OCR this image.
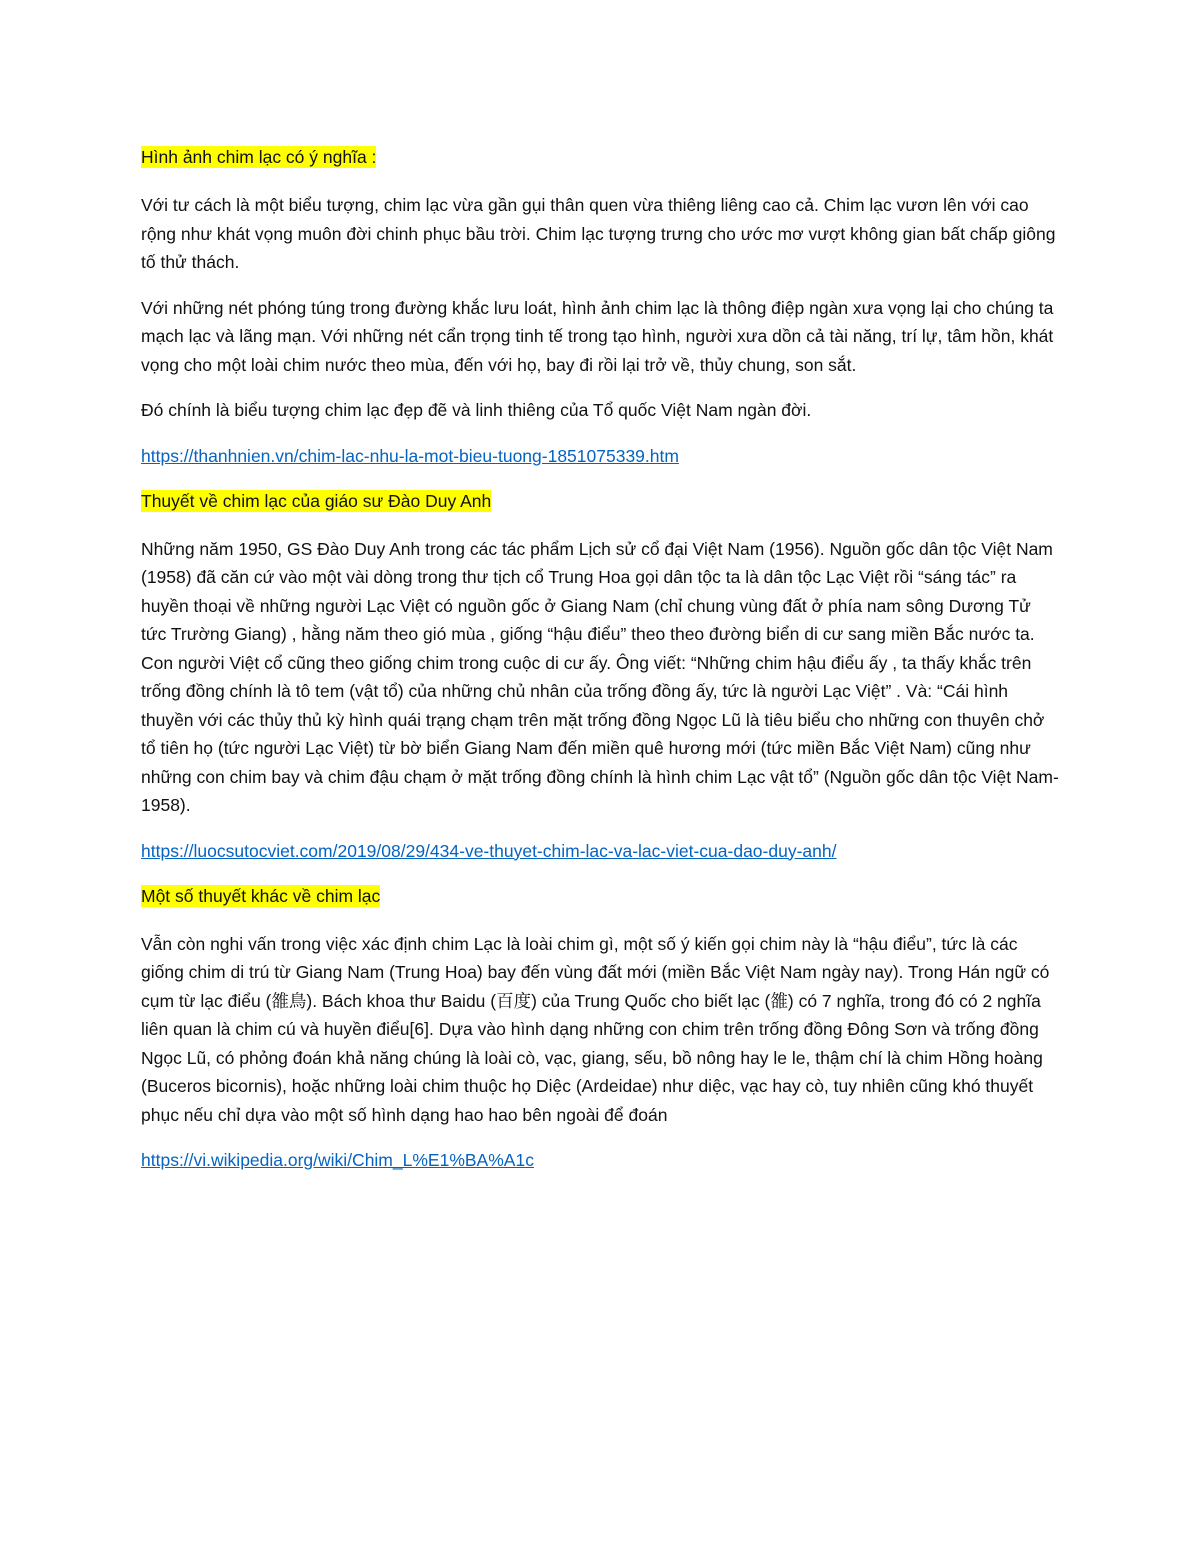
Hình ảnh chim lạc có ý nghĩa :

Với tư cách là một biểu tượng, chim lạc vừa gần gụi thân quen vừa thiêng liêng cao cả. Chim lạc vươn lên với cao rộng như khát vọng muôn đời chinh phục bầu trời. Chim lạc tượng trưng cho ước mơ vượt không gian bất chấp giông tố thử thách.

Với những nét phóng túng trong đường khắc lưu loát, hình ảnh chim lạc là thông điệp ngàn xưa vọng lại cho chúng ta mạch lạc và lãng mạn. Với những nét cẩn trọng tinh tế trong tạo hình, người xưa dồn cả tài năng, trí lự, tâm hồn, khát vọng cho một loài chim nước theo mùa, đến với họ, bay đi rồi lại trở về, thủy chung, son sắt.

Đó chính là biểu tượng chim lạc đẹp đẽ và linh thiêng của Tổ quốc Việt Nam ngàn đời.

https://thanhnien.vn/chim-lac-nhu-la-mot-bieu-tuong-1851075339.htm

Thuyết về chim lạc của giáo sư Đào Duy Anh

Những năm 1950, GS Đào Duy Anh trong các tác phẩm Lịch sử cổ đại Việt Nam (1956). Nguồn gốc dân tộc Việt Nam (1958) đã căn cứ vào một vài dòng trong thư tịch cổ Trung Hoa gọi dân tộc ta là dân tộc Lạc Việt rồi “sáng tác” ra huyền thoại về những người Lạc Việt có nguồn gốc ở Giang Nam (chỉ chung vùng đất ở phía nam sông Dương Tử tức Trường Giang) , hằng năm theo gió mùa , giống “hậu điểu” theo theo đường biển di cư sang miền Bắc nước ta. Con người Việt cổ cũng theo giống chim trong cuộc di cư ấy. Ông viết: “Những chim hậu điểu ấy , ta thấy khắc trên trống đồng chính là tô tem (vật tổ) của những chủ nhân của trống đồng ấy, tức là người Lạc Việt” . Và: “Cái hình thuyền với các thủy thủ kỳ hình quái trạng chạm trên mặt trống đồng Ngọc Lũ là tiêu biểu cho những con thuyên chở tổ tiên họ (tức người Lạc Việt) từ bờ biển Giang Nam đến miền quê hương mới (tức miền Bắc Việt Nam) cũng như những con chim bay và chim đậu chạm ở mặt trống đồng chính là hình chim Lạc vật tổ” (Nguồn gốc dân tộc Việt Nam- 1958).

https://luocsutocviet.com/2019/08/29/434-ve-thuyet-chim-lac-va-lac-viet-cua-dao-duy-anh/

Một số thuyết khác về chim lạc

Vẫn còn nghi vấn trong việc xác định chim Lạc là loài chim gì, một số ý kiến gọi chim này là “hậu điểu”, tức là các giống chim di trú từ Giang Nam (Trung Hoa) bay đến vùng đất mới (miền Bắc Việt Nam ngày nay). Trong Hán ngữ có cụm từ lạc điểu (雒鳥). Bách khoa thư Baidu (百度) của Trung Quốc cho biết lạc (雒) có 7 nghĩa, trong đó có 2 nghĩa liên quan là chim cú và huyền điểu[6]. Dựa vào hình dạng những con chim trên trống đồng Đông Sơn và trống đồng Ngọc Lũ, có phỏng đoán khả năng chúng là loài cò, vạc, giang, sếu, bồ nông hay le le, thậm chí là chim Hồng hoàng (Buceros bicornis), hoặc những loài chim thuộc họ Diệc (Ardeidae) như diệc, vạc hay cò, tuy nhiên cũng khó thuyết phục nếu chỉ dựa vào một số hình dạng hao hao bên ngoài để đoán

https://vi.wikipedia.org/wiki/Chim_L%E1%BA%A1c
